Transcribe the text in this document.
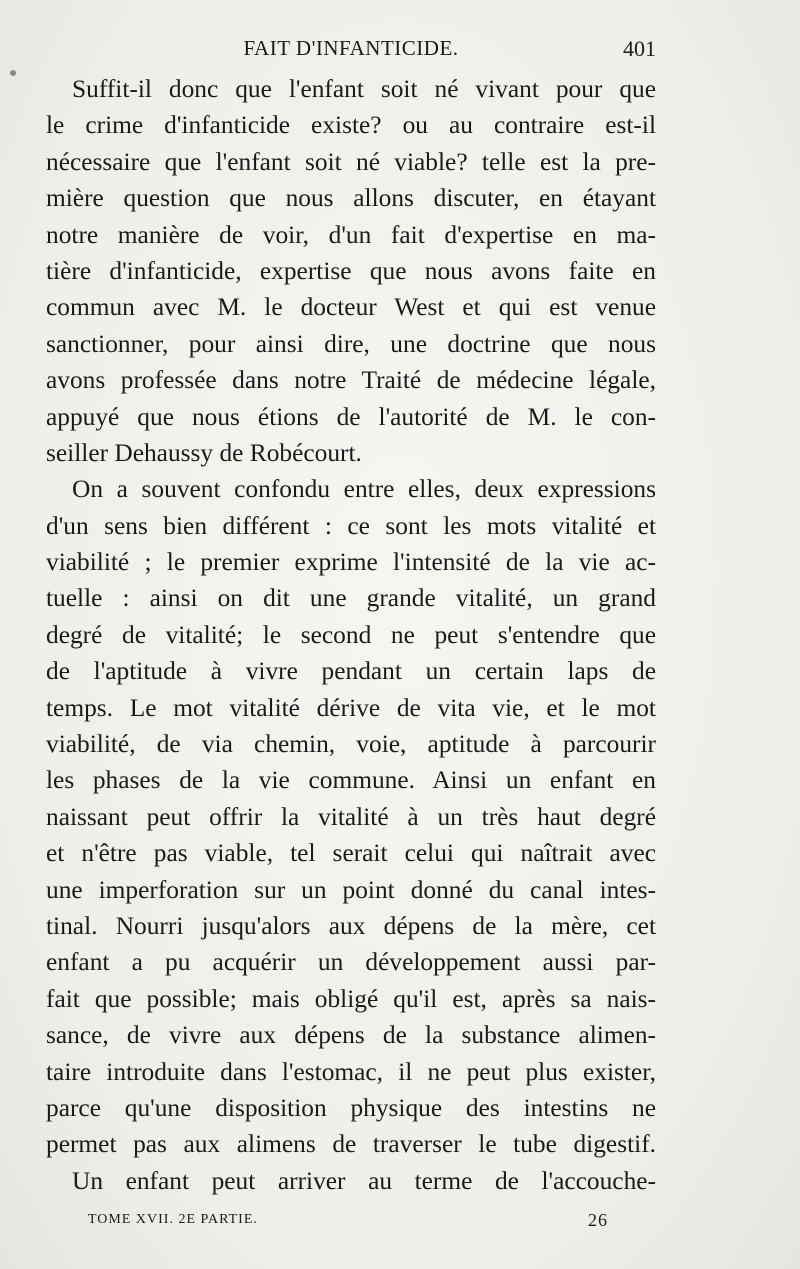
FAIT D'INFANTICIDE.	401
Suffit-il donc que l'enfant soit né vivant pour que
le crime d'infanticide existe? ou au contraire est-il
nécessaire que l'enfant soit né viable? telle est la pre-
mière question que nous allons discuter, en étayant
notre manière de voir, d'un fait d'expertise en ma-
tière d'infanticide, expertise que nous avons faite en
commun avec M. le docteur West et qui est venue
sanctionner, pour ainsi dire, une doctrine que nous
avons professée dans notre Traité de médecine légale,
appuyé que nous étions de l'autorité de M. le con-
seiller Dehaussy de Robécourt.
On a souvent confondu entre elles, deux expressions
d'un sens bien différent : ce sont les mots vitalité et
viabilité ; le premier exprime l'intensité de la vie ac-
tuelle : ainsi on dit une grande vitalité, un grand
degré de vitalité; le second ne peut s'entendre que
de l'aptitude à vivre pendant un certain laps de
temps. Le mot vitalité dérive de vita vie, et le mot
viabilité, de via chemin, voie, aptitude à parcourir
les phases de la vie commune. Ainsi un enfant en
naissant peut offrir la vitalité à un très haut degré
et n'être pas viable, tel serait celui qui naîtrait avec
une imperforation sur un point donné du canal intes-
tinal. Nourri jusqu'alors aux dépens de la mère, cet
enfant a pu acquérir un développement aussi par-
fait que possible; mais obligé qu'il est, après sa nais-
sance, de vivre aux dépens de la substance alimen-
taire introduite dans l'estomac, il ne peut plus exister,
parce qu'une disposition physique des intestins ne
permet pas aux alimens de traverser le tube digestif.
Un enfant peut arriver au terme de l'accouche-
TOME XVII. 2E PARTIE.	26
